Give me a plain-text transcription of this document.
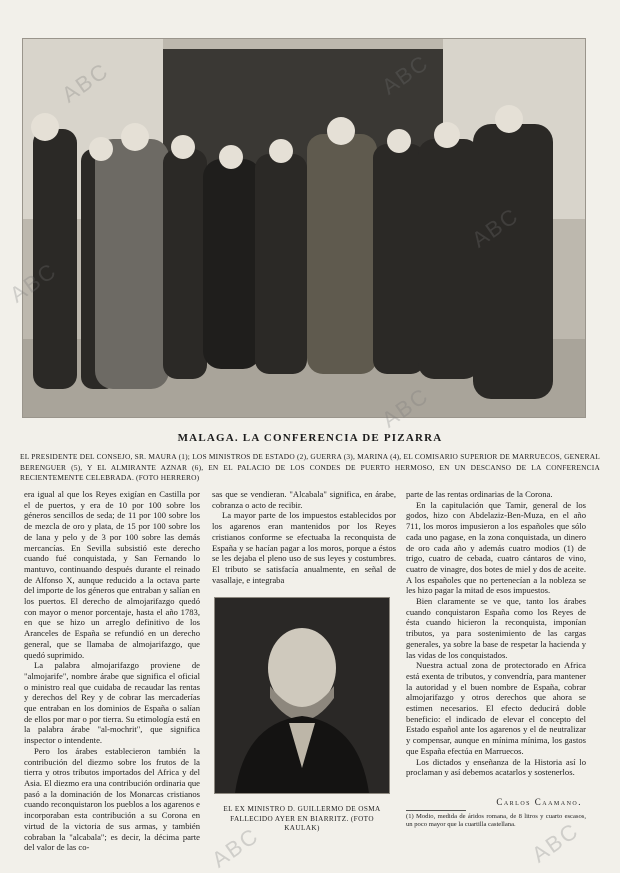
MALAGA. LA CONFERENCIA DE PIZARRA
EL PRESIDENTE DEL CONSEJO, SR. MAURA (1); LOS MINISTROS DE ESTADO (2), GUERRA (3), MARINA (4), EL COMISARIO SUPERIOR DE MARRUECOS, GENERAL BERENGUER (5), Y EL ALMIRANTE AZNAR (6), EN EL PALACIO DE LOS CONDES DE PUERTO HERMOSO, EN UN DESCANSO DE LA CONFERENCIA RECIENTEMENTE CELEBRADA. (FOTO HERRERO)

era igual al que los Reyes exigían en Castilla por el de puertos, y era de 10 por 100 sobre los géneros sencillos de seda; de 11 por 100 sobre los de mezcla de oro y plata, de 15 por 100 sobre los de lana y pelo y de 3 por 100 sobre las demás mercancías. En Sevilla subsistió este derecho cuando fué conquistada, y San Fernando lo mantuvo, continuando después durante el reinado de Alfonso X, aunque reducido a la octava parte del importe de los géneros que entraban y salían en los puertos. El derecho de almojarifazgo quedó con mayor o menor porcentaje, hasta el año 1783, en que se hizo un arreglo definitivo de los Aranceles de España se refundió en un derecho general, que se llamaba de almojarifazgo, que quedó suprimido.

La palabra almojarifazgo proviene de "almojarife", nombre árabe que significa el oficial o ministro real que cuidaba de recaudar las rentas y derechos del Rey y de cobrar las mercaderías que entraban en los dominios de España o salían de ellos por mar o por tierra. Su etimología está en la palabra árabe "al-mochrit", que significa inspector o intendente.

Pero los árabes establecieron también la contribución del diezmo sobre los frutos de la tierra y otros tributos importados del Africa y del Asia. El diezmo era una contribución ordinaria que pasó a la dominación de los Monarcas cristianos cuando reconquistaron los pueblos a los agarenos e incorporaban esta contribución a su Corona en virtud de la victoria de sus armas, y también cobraban la "alcabala"; es decir, la décima parte del valor de las co-

sas que se vendieran. "Alcabala" significa, en árabe, cobranza o acto de recibir.

La mayor parte de los impuestos establecidos por los agarenos eran mantenidos por los Reyes cristianos conforme se efectuaba la reconquista de España y se hacían pagar a los moros, porque a éstos se les dejaba el pleno uso de sus leyes y costumbres. El tributo se satisfacía anualmente, en señal de vasallaje, e integraba

EL EX MINISTRO D. GUILLERMO DE OSMA FALLECIDO AYER EN BIARRITZ. (FOTO KAULAK)

parte de las rentas ordinarias de la Corona.

En la capitulación que Tamir, general de los godos, hizo con Abdelaziz-Ben-Muza, en el año 711, los moros impusieron a los españoles que sólo cada uno pagase, en la zona conquistada, un dinero de oro cada año y además cuatro modios (1) de trigo, cuatro de cebada, cuatro cántaros de vino, cuatro de vinagre, dos botes de miel y dos de aceite. A los españoles que no pertenecían a la nobleza se les hizo pagar la mitad de esos impuestos.

Bien claramente se ve que, tanto los árabes cuando conquistaron España como los Reyes de ésta cuando hicieron la reconquista, imponían tributos, ya para sostenimiento de las cargas generales, ya sobre la base de respetar la hacienda y las vidas de los conquistados.

Nuestra actual zona de protectorado en Africa está exenta de tributos, y convendría, para mantener la autoridad y el buen nombre de España, cobrar almojarifazgo y otros derechos que ahora se estimen necesarios. El efecto deducirá doble beneficio: el indicado de elevar el concepto del Estado español ante los agarenos y el de neutralizar y compensar, aunque en mínima mínima, los gastos que España efectúa en Marruecos.

Los dictados y enseñanza de la Historia así lo proclaman y así debemos acatarlos y sostenerlos.

Carlos Caamano.
(1) Modio, medida de áridos romana, de 8 litros y cuarto escasos, un poco mayor que la cuartilla castellana.
ABC	ABC
ABC
ABC
ABC
ABC	ABC
